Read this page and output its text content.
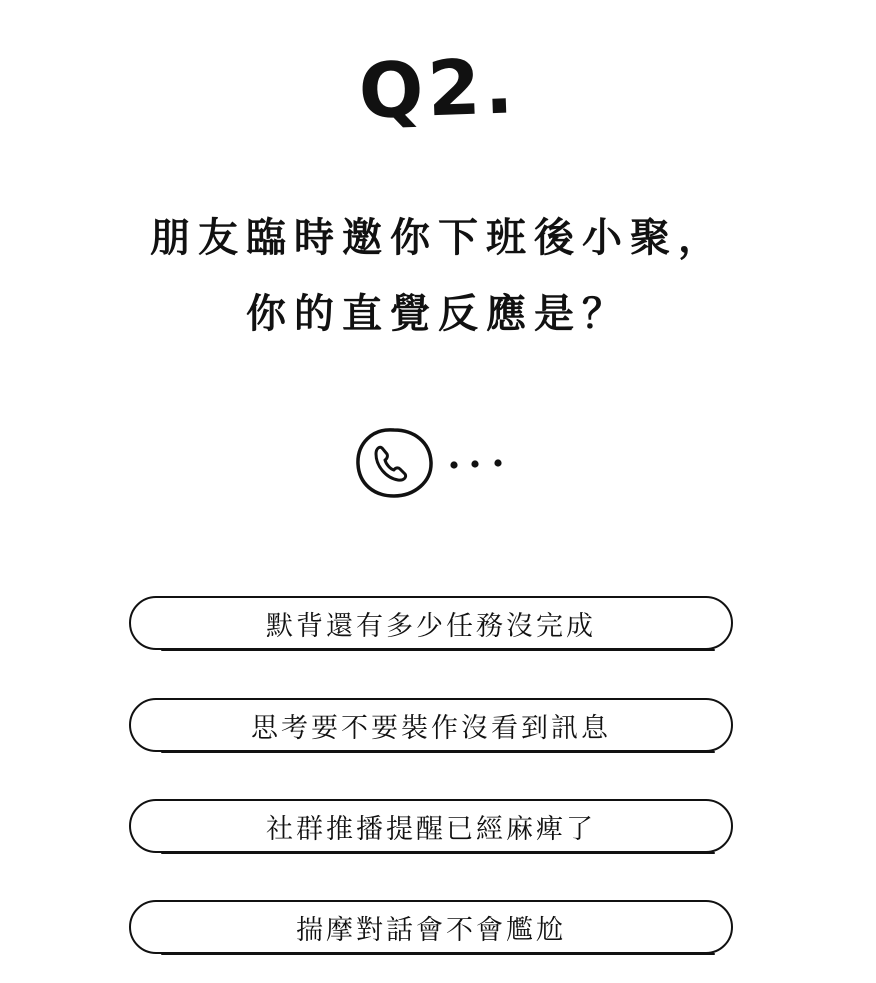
Q2.
朋友臨時邀你下班後小聚，
你的直覺反應是？
默背還有多少任務沒完成
思考要不要裝作沒看到訊息
社群推播提醒已經麻痺了
揣摩對話會不會尷尬
